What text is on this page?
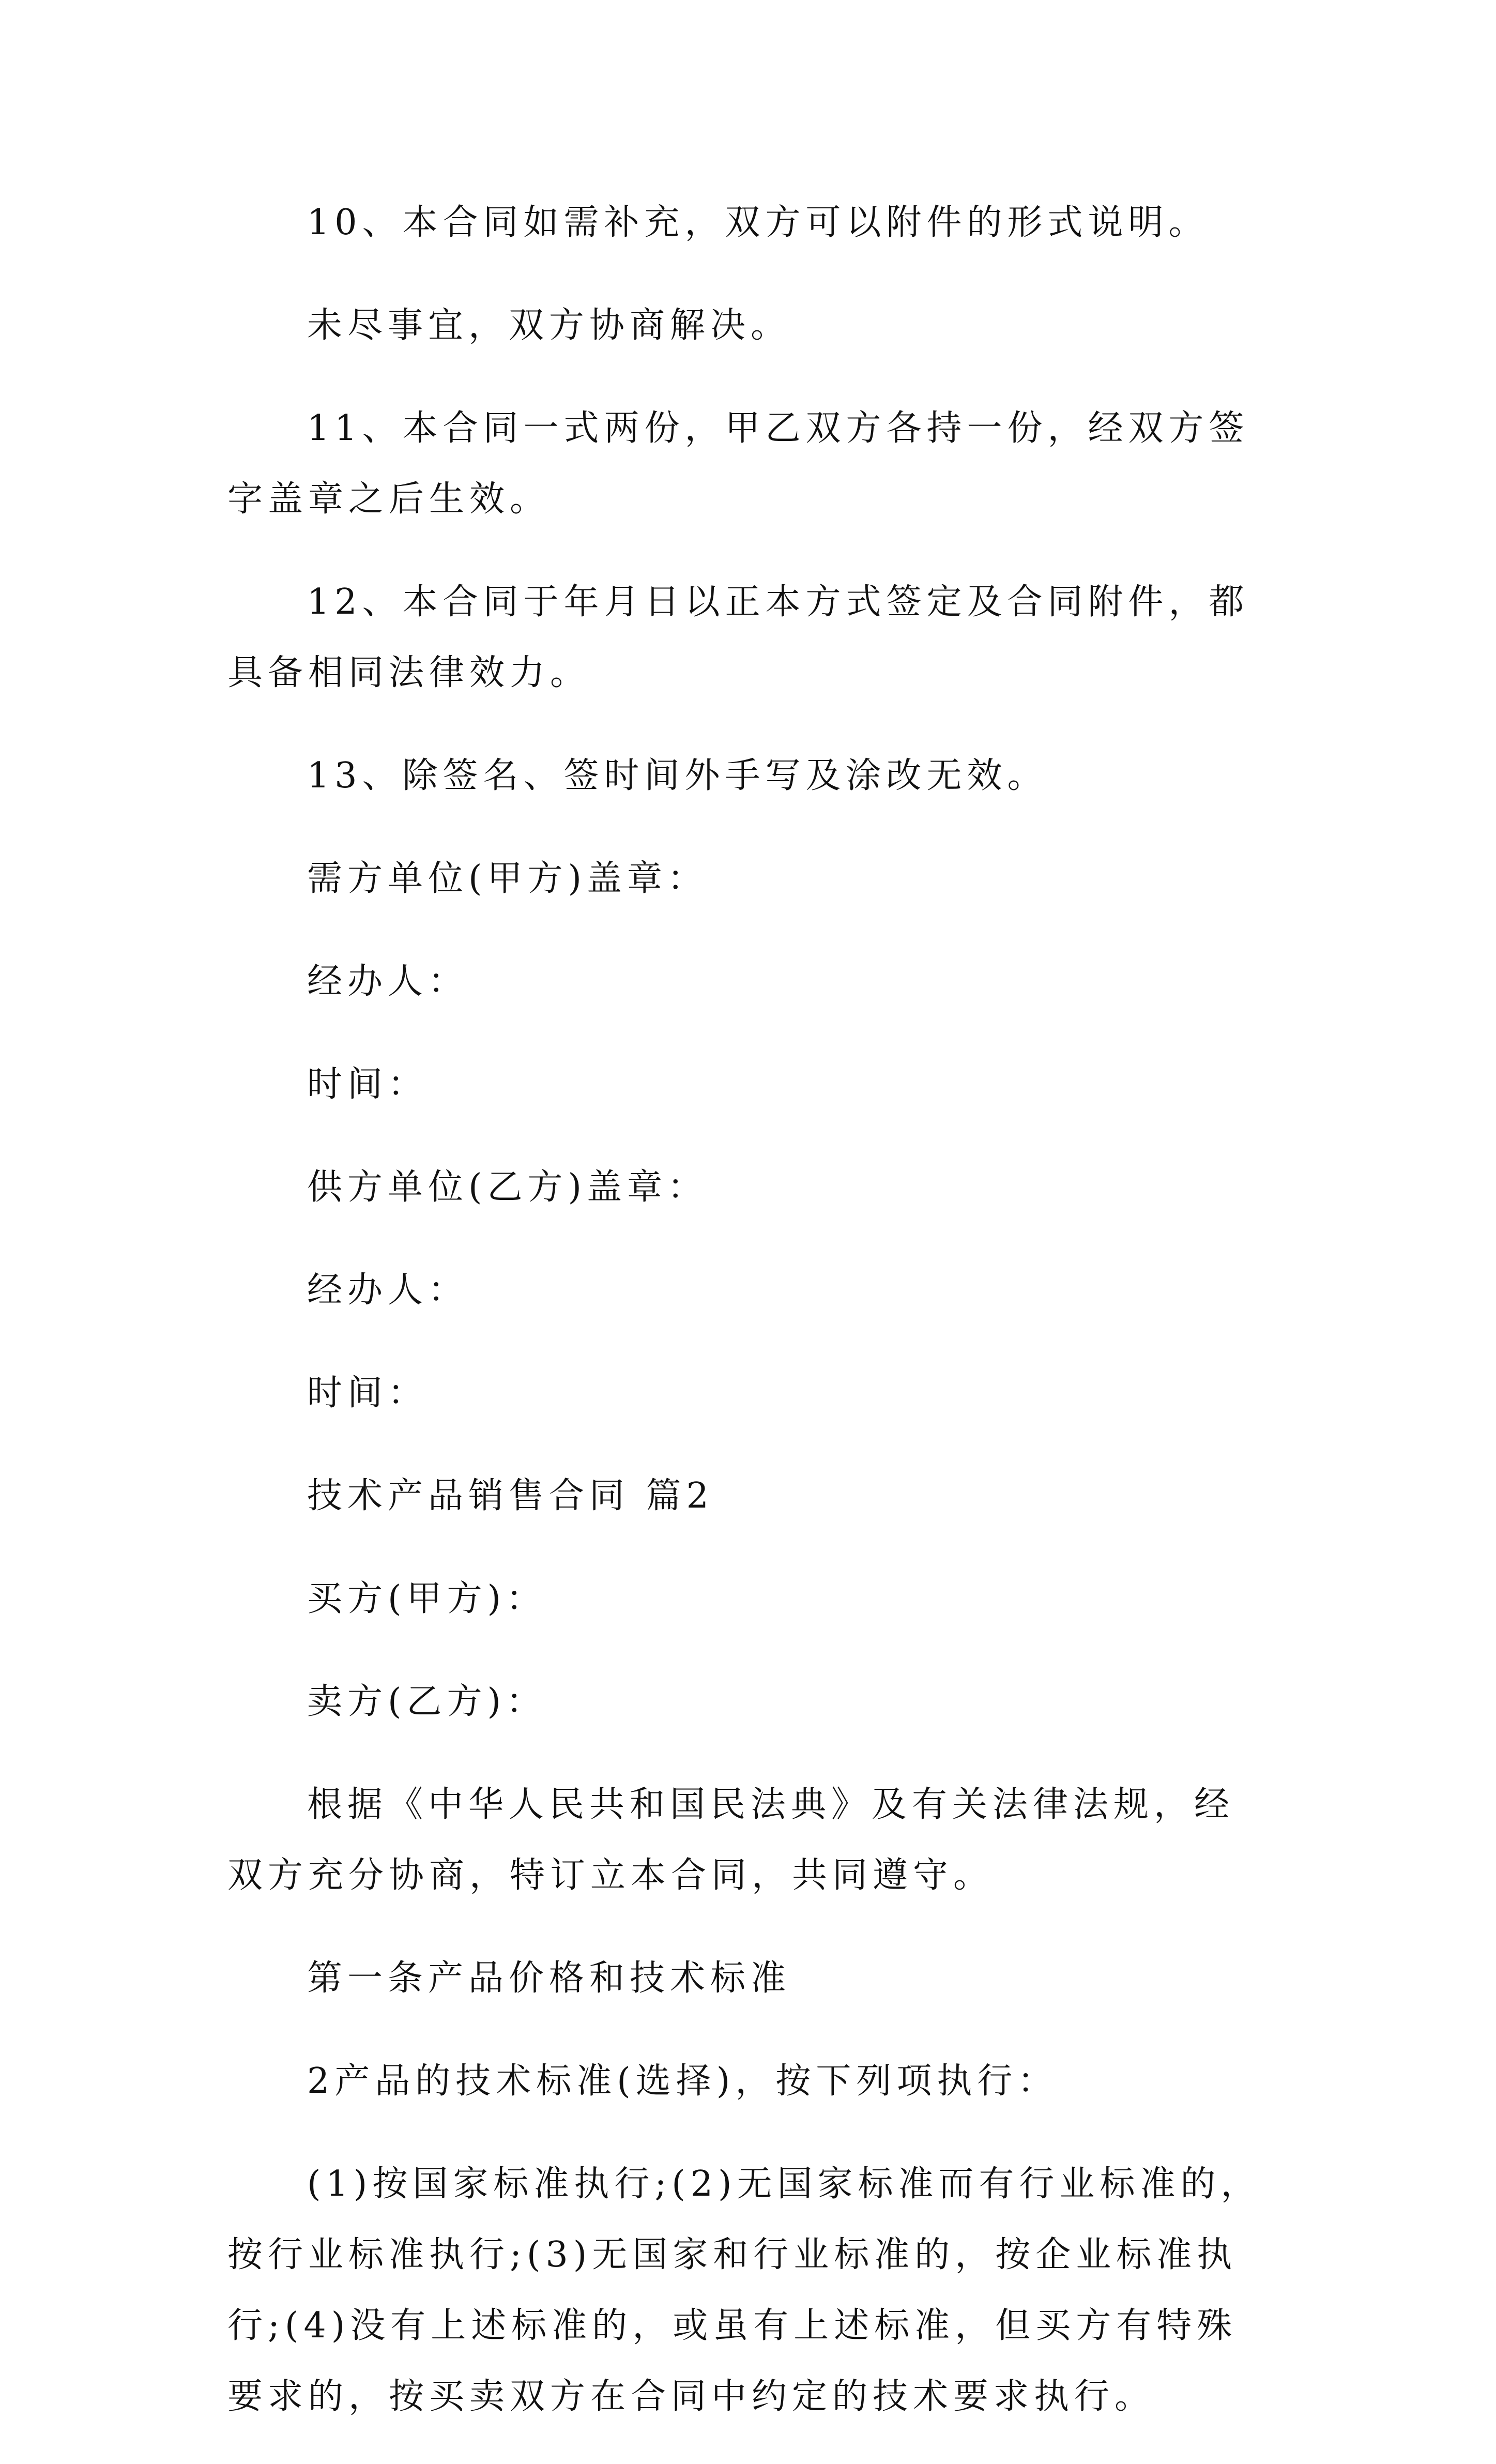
10、本合同如需补充，双方可以附件的形式说明。

未尽事宜，双方协商解决。

11、本合同一式两份，甲乙双方各持一份，经双方签字盖章之后生效。

12、本合同于年月日以正本方式签定及合同附件，都具备相同法律效力。

13、除签名、签时间外手写及涂改无效。

需方单位(甲方)盖章：

经办人：

时间：

供方单位(乙方)盖章：

经办人：

时间：

技术产品销售合同 篇2

买方(甲方)：

卖方(乙方)：

根据《中华人民共和国民法典》及有关法律法规，经双方充分协商，特订立本合同，共同遵守。

第一条产品价格和技术标准

2产品的技术标准(选择)，按下列项执行：

(1)按国家标准执行;(2)无国家标准而有行业标准的，按行业标准执行;(3)无国家和行业标准的，按企业标准执行;(4)没有上述标准的，或虽有上述标准，但买方有特殊要求的，按买卖双方在合同中约定的技术要求执行。
